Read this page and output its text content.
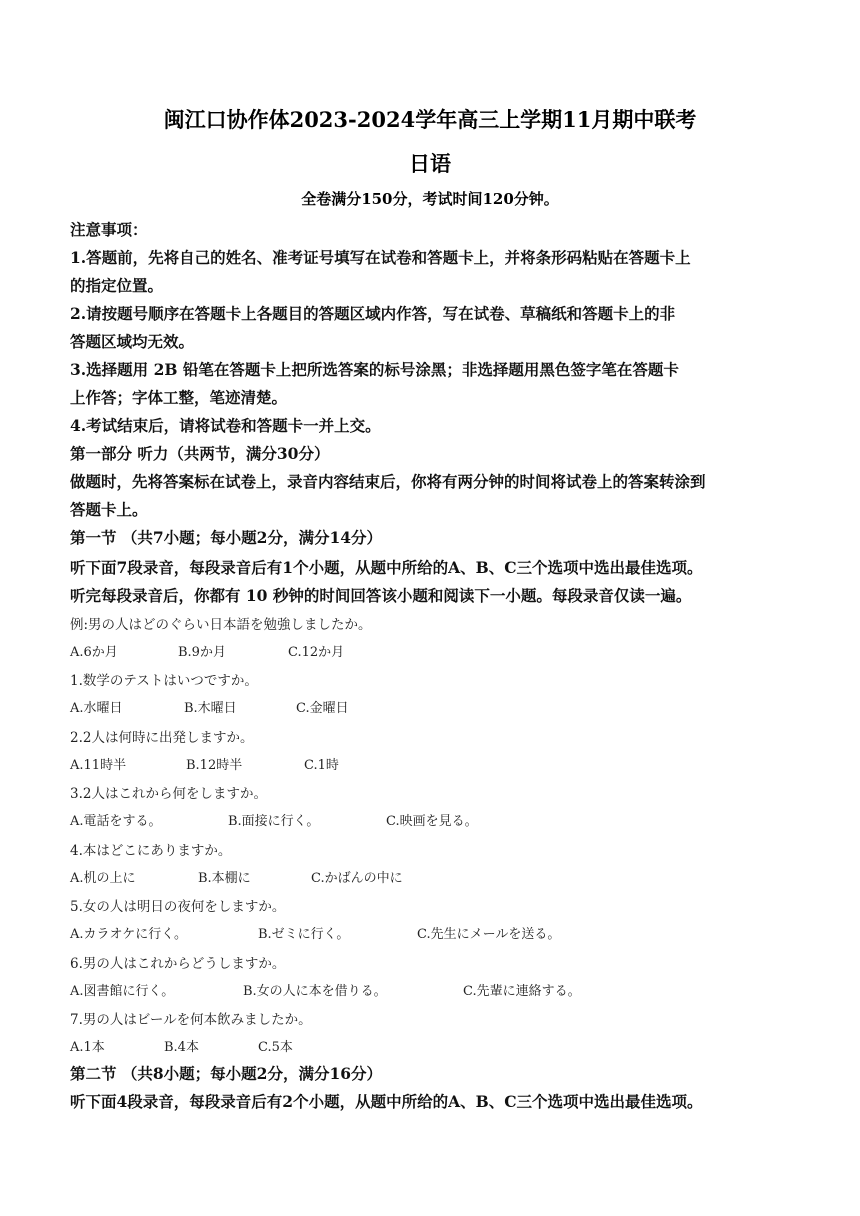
闽江口协作体2023-2024学年高三上学期11月期中联考
日语
全卷满分150分，考试时间120分钟。
注意事项：
1.答题前，先将自己的姓名、准考证号填写在试卷和答题卡上，并将条形码粘贴在答题卡上
的指定位置。
2.请按题号顺序在答题卡上各题目的答题区域内作答，写在试卷、草稿纸和答题卡上的非
答题区域均无效。
3.选择题用 2B 铅笔在答题卡上把所选答案的标号涂黑；非选择题用黑色签字笔在答题卡
上作答；字体工整，笔迹清楚。
4.考试结束后，请将试卷和答题卡一并上交。
第一部分 听力（共两节，满分30分）
做题时，先将答案标在试卷上，录音内容结束后，你将有两分钟的时间将试卷上的答案转涂到
答题卡上。
第一节 （共7小题；每小题2分，满分14分）
听下面7段录音，每段录音后有1个小题，从题中所给的A、B、C三个选项中选出最佳选项。
听完每段录音后，你都有 10 秒钟的时间回答该小题和阅读下一小题。每段录音仅读一遍。
例:男の人はどのぐらい日本語を勉強しましたか。
A.6か月	B.9か月	C.12か月
1.数学のテストはいつですか。
A.水曜日	B.木曜日	C.金曜日
2.2人は何時に出発しますか。
A.11時半	B.12時半	C.1時
3.2人はこれから何をしますか。
A.電話をする。	B.面接に行く。	C.映画を見る。
4.本はどこにありますか。
A.机の上に	B.本棚に	C.かばんの中に
5.女の人は明日の夜何をしますか。
A.カラオケに行く。	B.ゼミに行く。	C.先生にメールを送る。
6.男の人はこれからどうしますか。
A.図書館に行く。	B.女の人に本を借りる。	C.先輩に連絡する。
7.男の人はビールを何本飲みましたか。
A.1本	B.4本	C.5本
第二节 （共8小题；每小题2分，满分16分）
听下面4段录音，每段录音后有2个小题，从题中所给的A、B、C三个选项中选出最佳选项。
